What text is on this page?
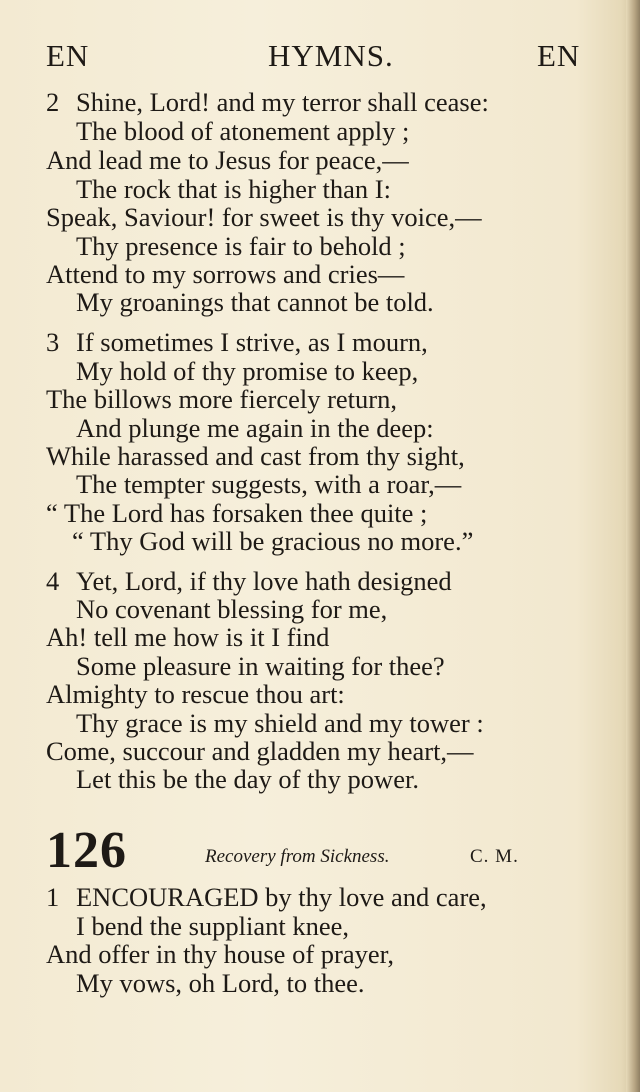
EN	HYMNS.	EN
2 Shine, Lord! and my terror shall cease:
The blood of atonement apply ;
And lead me to Jesus for peace,—
The rock that is higher than I:
Speak, Saviour! for sweet is thy voice,—
Thy presence is fair to behold ;
Attend to my sorrows and cries—
My groanings that cannot be told.
3 If sometimes I strive, as I mourn,
My hold of thy promise to keep,
The billows more fiercely return,
And plunge me again in the deep:
While harassed and cast from thy sight,
The tempter suggests, with a roar,—
“ The Lord has forsaken thee quite ;
“ Thy God will be gracious no more.”
4 Yet, Lord, if thy love hath designed
No covenant blessing for me,
Ah! tell me how is it I find
Some pleasure in waiting for thee?
Almighty to rescue thou art:
Thy grace is my shield and my tower :
Come, succour and gladden my heart,—
Let this be the day of thy power.
126	Recovery from Sickness.	C. M.
1 ENCOURAGED by thy love and care,
I bend the suppliant knee,
And offer in thy house of prayer,
My vows, oh Lord, to thee.
